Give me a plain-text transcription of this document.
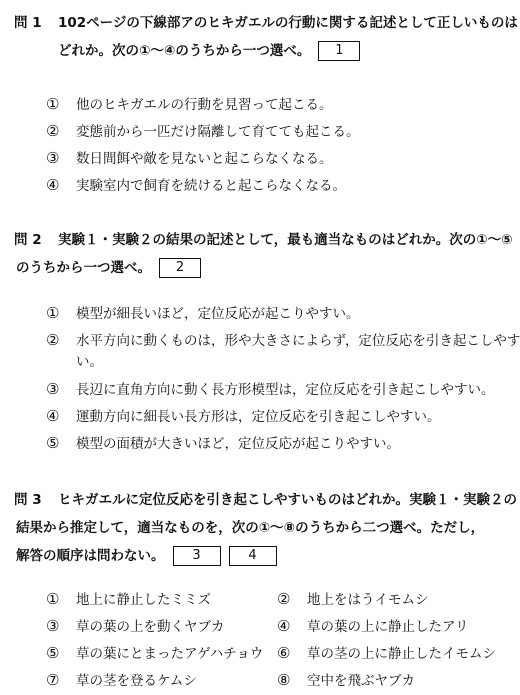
問 1 102ページの下線部アのヒキガエルの行動に関する記述として正しいものは
どれか。次の①～④のうちから一つ選べ。 1
① 他のヒキガエルの行動を見習って起こる。
② 変態前から一匹だけ隔離して育てても起こる。
③ 数日間餌や敵を見ないと起こらなくなる。
④ 実験室内で飼育を続けると起こらなくなる。
問 2 実験１・実験２の結果の記述として，最も適当なものはどれか。次の①～⑤
のうちから一つ選べ。 2
① 模型が細長いほど，定位反応が起こりやすい。
② 水平方向に動くものは，形や大きさによらず，定位反応を引き起こしやす
い。
③ 長辺に直角方向に動く長方形模型は，定位反応を引き起こしやすい。
④ 運動方向に細長い長方形は，定位反応を引き起こしやすい。
⑤ 模型の面積が大きいほど，定位反応が起こりやすい。
問 3 ヒキガエルに定位反応を引き起こしやすいものはどれか。実験１・実験２の
結果から推定して，適当なものを，次の①～⑧のうちから二つ選べ。ただし，
解答の順序は問わない。 3	4
① 地上に静止したミミズ	② 地上をはうイモムシ
③ 草の葉の上を動くヤブカ	④ 草の葉の上に静止したアリ
⑤ 草の葉にとまったアゲハチョウ ⑥ 草の茎の上に静止したイモムシ
⑦ 草の茎を登るケムシ	⑧ 空中を飛ぶヤブカ
